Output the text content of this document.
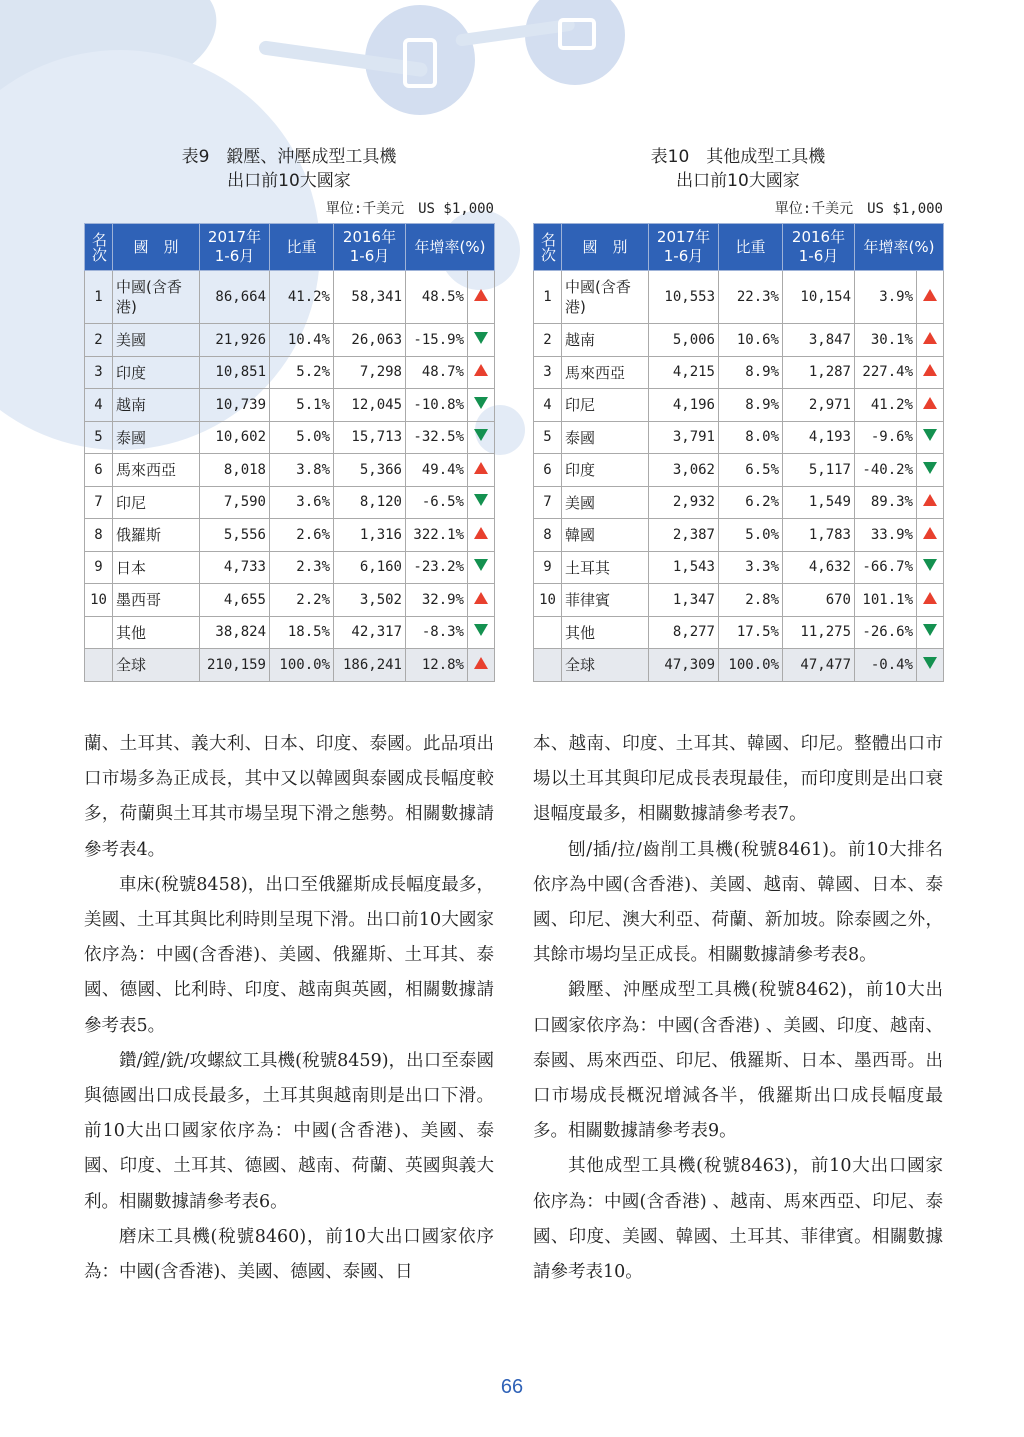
表9　鍛壓、沖壓成型工具機
出口前10大國家
單位:千美元　US $1,000
名次	國　別	2017年 1-6月	比重	2016年 1-6月	年增率(%)	
1	中國(含香港)	86,664	41.2%	58,341	48.5%	
2	美國	21,926	10.4%	26,063	-15.9%	
3	印度	10,851	5.2%	7,298	48.7%	
4	越南	10,739	5.1%	12,045	-10.8%	
5	泰國	10,602	5.0%	15,713	-32.5%	
6	馬來西亞	8,018	3.8%	5,366	49.4%	
7	印尼	7,590	3.6%	8,120	-6.5%	
8	俄羅斯	5,556	2.6%	1,316	322.1%	
9	日本	4,733	2.3%	6,160	-23.2%	
10	墨西哥	4,655	2.2%	3,502	32.9%	
	其他	38,824	18.5%	42,317	-8.3%	
	全球	210,159	100.0%	186,241	12.8%	
表10　其他成型工具機
出口前10大國家
單位:千美元　US $1,000
名次	國　別	2017年 1-6月	比重	2016年 1-6月	年增率(%)	
1	中國(含香港)	10,553	22.3%	10,154	3.9%	
2	越南	5,006	10.6%	3,847	30.1%	
3	馬來西亞	4,215	8.9%	1,287	227.4%	
4	印尼	4,196	8.9%	2,971	41.2%	
5	泰國	3,791	8.0%	4,193	-9.6%	
6	印度	3,062	6.5%	5,117	-40.2%	
7	美國	2,932	6.2%	1,549	89.3%	
8	韓國	2,387	5.0%	1,783	33.9%	
9	土耳其	1,543	3.3%	4,632	-66.7%	
10	菲律賓	1,347	2.8%	670	101.1%	
	其他	8,277	17.5%	11,275	-26.6%	
	全球	47,309	100.0%	47,477	-0.4%	

蘭、土耳其、義大利、日本、印度、泰國。此品項出口市場多為正成長，其中又以韓國與泰國成長幅度較多，荷蘭與土耳其市場呈現下滑之態勢。相關數據請參考表4。

車床(稅號8458)，出口至俄羅斯成長幅度最多，美國、土耳其與比利時則呈現下滑。出口前10大國家依序為：中國(含香港)、美國、俄羅斯、土耳其、泰國、德國、比利時、印度、越南與英國，相關數據請參考表5。

鑽/鏜/銑/攻螺紋工具機(稅號8459)，出口至泰國與德國出口成長最多，土耳其與越南則是出口下滑。前10大出口國家依序為：中國(含香港)、美國、泰國、印度、土耳其、德國、越南、荷蘭、英國與義大利。相關數據請參考表6。

磨床工具機(稅號8460)，前10大出口國家依序為：中國(含香港)、美國、德國、泰國、日

本、越南、印度、土耳其、韓國、印尼。整體出口市場以土耳其與印尼成長表現最佳，而印度則是出口衰退幅度最多，相關數據請參考表7。

刨/插/拉/齒削工具機(稅號8461)。前10大排名依序為中國(含香港)、美國、越南、韓國、日本、泰國、印尼、澳大利亞、荷蘭、新加坡。除泰國之外，其餘市場均呈正成長。相關數據請參考表8。

鍛壓、沖壓成型工具機(稅號8462)，前10大出口國家依序為：中國(含香港) 、美國、印度、越南、泰國、馬來西亞、印尼、俄羅斯、日本、墨西哥。出口市場成長概況增減各半，俄羅斯出口成長幅度最多。相關數據請參考表9。

其他成型工具機(稅號8463)，前10大出口國家依序為：中國(含香港) 、越南、馬來西亞、印尼、泰國、印度、美國、韓國、土耳其、菲律賓。相關數據請參考表10。

66
